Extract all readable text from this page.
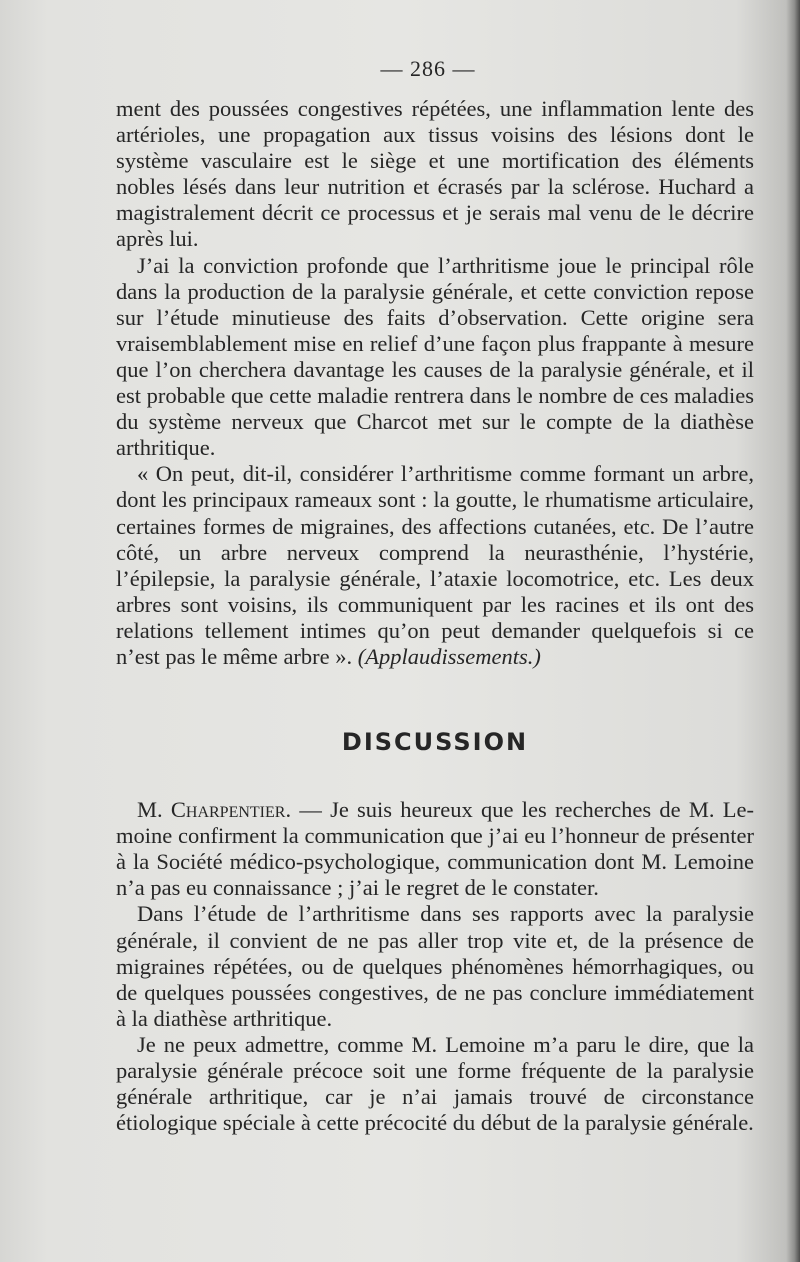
— 286 —

ment des poussées congestives répétées, une inflammation lente des artérioles, une propagation aux tissus voisins des lésions dont le système vasculaire est le siège et une mortification des éléments nobles lésés dans leur nutrition et écrasés par la sclérose. Huchard a magistralement décrit ce processus et je serais mal venu de le décrire après lui.

J’ai la conviction profonde que l’arthritisme joue le principal rôle dans la production de la paralysie générale, et cette conviction repose sur l’étude minutieuse des faits d’observation. Cette origine sera vraisemblablement mise en relief d’une façon plus frappante à mesure que l’on cherchera davantage les causes de la paralysie générale, et il est probable que cette maladie rentrera dans le nombre de ces maladies du système nerveux que Charcot met sur le compte de la diathèse arthritique.

« On peut, dit-il, considérer l’arthritisme comme formant un arbre, dont les principaux rameaux sont : la goutte, le rhumatisme articulaire, certaines formes de migraines, des affections cutanées, etc. De l’autre côté, un arbre nerveux comprend la neurasthénie, l’hystérie, l’épilepsie, la paralysie générale, l’ataxie locomotrice, etc. Les deux arbres sont voisins, ils communiquent par les racines et ils ont des relations tellement intimes qu’on peut demander quelquefois si ce n’est pas le même arbre ». (Applaudissements.)

DISCUSSION

M. Charpentier. — Je suis heureux que les recherches de M. Lemoine confirment la communication que j’ai eu l’honneur de présenter à la Société médico-psychologique, communication dont M. Lemoine n’a pas eu connaissance ; j’ai le regret de le constater.

Dans l’étude de l’arthritisme dans ses rapports avec la paralysie générale, il convient de ne pas aller trop vite et, de la présence de migraines répétées, ou de quelques phénomènes hémorrhagiques, ou de quelques poussées congestives, de ne pas conclure immédiatement à la diathèse arthritique.

Je ne peux admettre, comme M. Lemoine m’a paru le dire, que la paralysie générale précoce soit une forme fréquente de la paralysie générale arthritique, car je n’ai jamais trouvé de circonstance étiologique spéciale à cette précocité du début de la paralysie générale.
